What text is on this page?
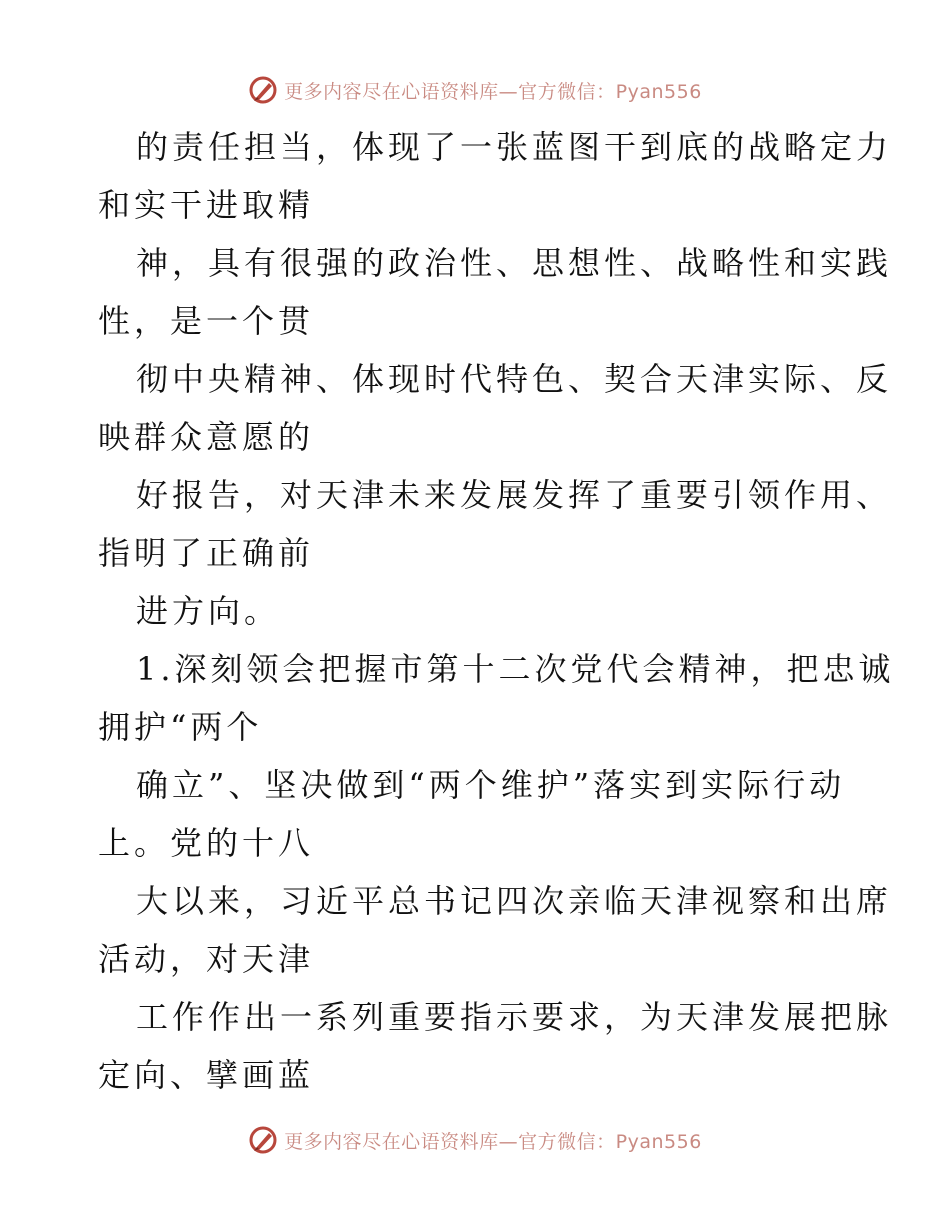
更多内容尽在心语资料库—官方微信：Pyan556
的责任担当，体现了一张蓝图干到底的战略定力
和实干进取精
神，具有很强的政治性、思想性、战略性和实践
性，是一个贯
彻中央精神、体现时代特色、契合天津实际、反
映群众意愿的
好报告，对天津未来发展发挥了重要引领作用、
指明了正确前
进方向。
1.深刻领会把握市第十二次党代会精神，把忠诚
拥护“两个
确立”、坚决做到“两个维护”落实到实际行动
上。党的十八
大以来，习近平总书记四次亲临天津视察和出席
活动，对天津
工作作出一系列重要指示要求，为天津发展把脉
定向、擘画蓝
更多内容尽在心语资料库—官方微信：Pyan556
